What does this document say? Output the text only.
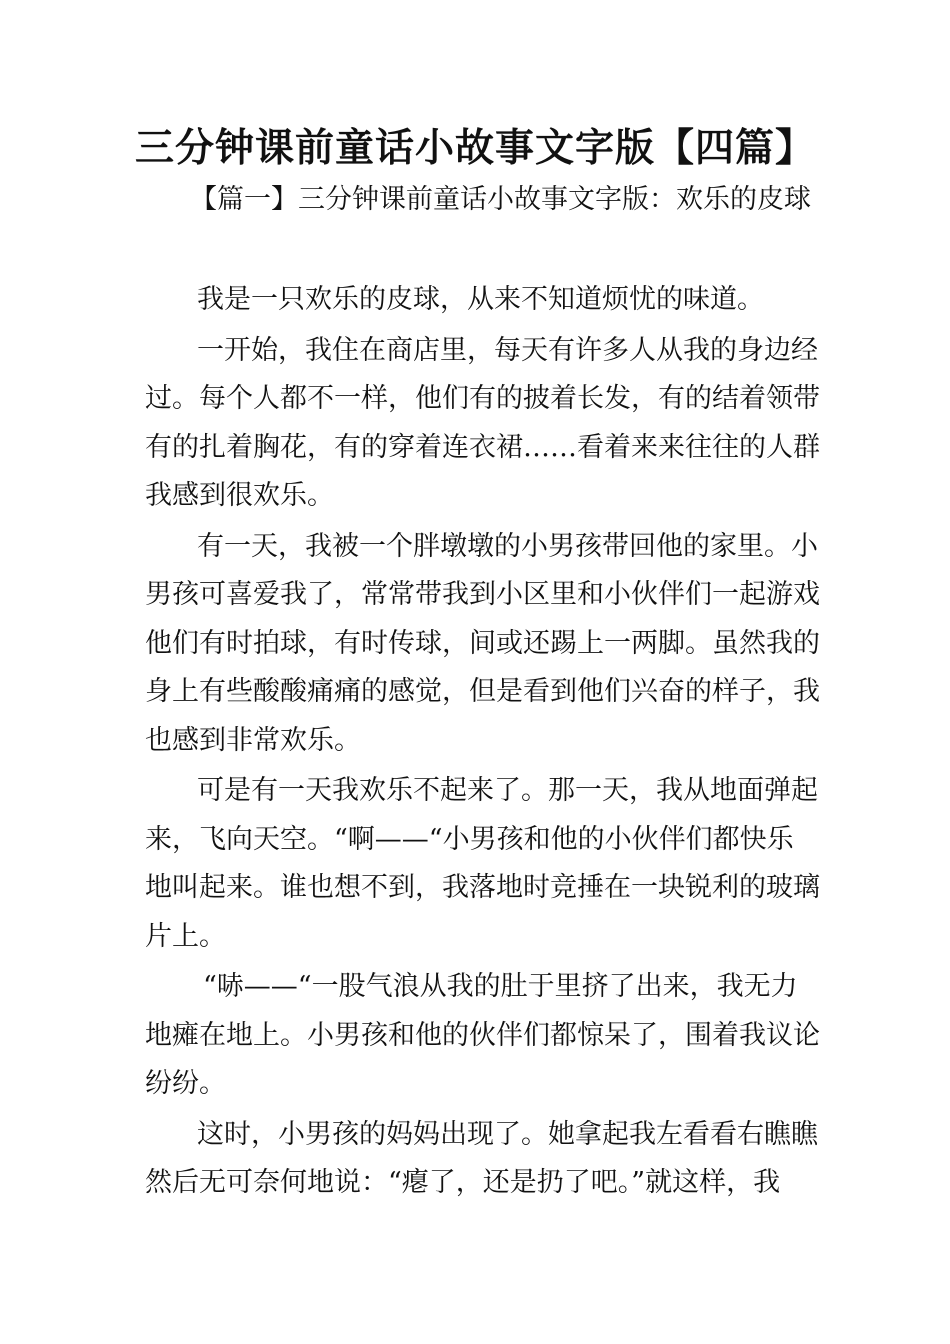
三分钟课前童话小故事文字版【四篇】
【篇一】三分钟课前童话小故事文字版：欢乐的皮球

我是一只欢乐的皮球，从来不知道烦忧的味道。

一开始，我住在商店里，每天有许多人从我的身边经
过。每个人都不一样，他们有的披着长发，有的结着领带
有的扎着胸花，有的穿着连衣裙……看着来来往往的人群
我感到很欢乐。

有一天，我被一个胖墩墩的小男孩带回他的家里。小
男孩可喜爱我了，常常带我到小区里和小伙伴们一起游戏
他们有时拍球，有时传球，间或还踢上一两脚。虽然我的
身上有些酸酸痛痛的感觉，但是看到他们兴奋的样子，我
也感到非常欢乐。

可是有一天我欢乐不起来了。那一天，我从地面弹起
来，飞向天空。“啊——“小男孩和他的小伙伴们都快乐
地叫起来。谁也想不到，我落地时竞捶在一块锐利的玻璃
片上。

“哧——“一股气浪从我的肚于里挤了出来，我无力
地瘫在地上。小男孩和他的伙伴们都惊呆了，围着我议论
纷纷。

这时，小男孩的妈妈出现了。她拿起我左看看右瞧瞧
然后无可奈何地说：“瘪了，还是扔了吧。”就这样，我
